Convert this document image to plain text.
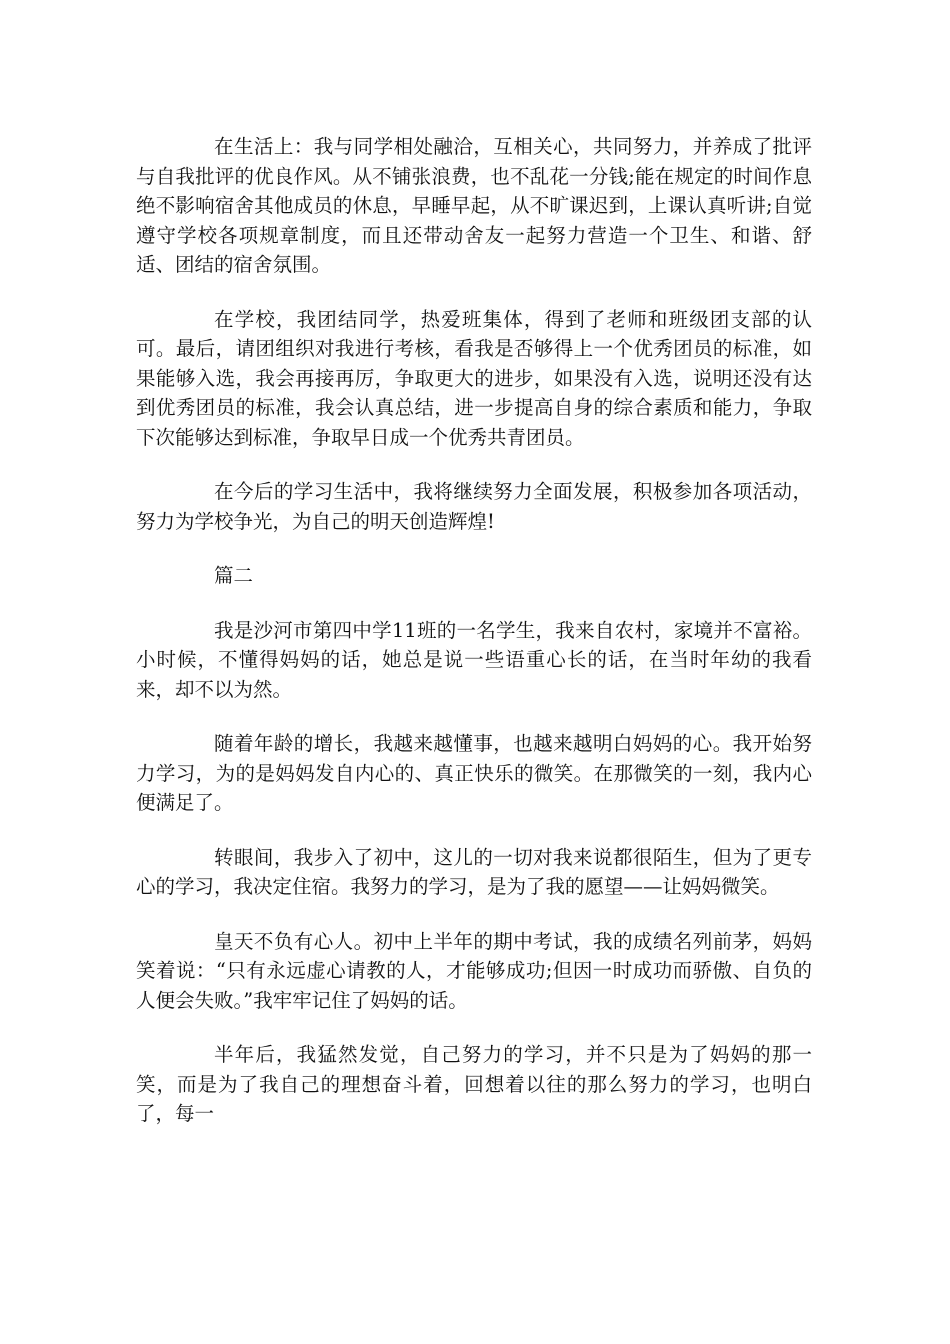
在生活上：我与同学相处融洽，互相关心，共同努力，并养成了批评与自我批评的优良作风。从不铺张浪费，也不乱花一分钱;能在规定的时间作息绝不影响宿舍其他成员的休息，早睡早起，从不旷课迟到，上课认真听讲;自觉遵守学校各项规章制度，而且还带动舍友一起努力营造一个卫生、和谐、舒适、团结的宿舍氛围。

在学校，我团结同学，热爱班集体，得到了老师和班级团支部的认可。最后，请团组织对我进行考核，看我是否够得上一个优秀团员的标准，如果能够入选，我会再接再厉，争取更大的进步，如果没有入选，说明还没有达到优秀团员的标准，我会认真总结，进一步提高自身的综合素质和能力，争取下次能够达到标准，争取早日成一个优秀共青团员。

在今后的学习生活中，我将继续努力全面发展，积极参加各项活动，努力为学校争光，为自己的明天创造辉煌!

篇二

我是沙河市第四中学11班的一名学生，我来自农村，家境并不富裕。小时候，不懂得妈妈的话，她总是说一些语重心长的话，在当时年幼的我看来，却不以为然。

随着年龄的增长，我越来越懂事，也越来越明白妈妈的心。我开始努力学习，为的是妈妈发自内心的、真正快乐的微笑。在那微笑的一刻，我内心便满足了。

转眼间，我步入了初中，这儿的一切对我来说都很陌生，但为了更专心的学习，我决定住宿。我努力的学习，是为了我的愿望——让妈妈微笑。

皇天不负有心人。初中上半年的期中考试，我的成绩名列前茅，妈妈笑着说：“只有永远虚心请教的人，才能够成功;但因一时成功而骄傲、自负的人便会失败。”我牢牢记住了妈妈的话。

半年后，我猛然发觉，自己努力的学习，并不只是为了妈妈的那一笑，而是为了我自己的理想奋斗着，回想着以往的那么努力的学习，也明白了，每一
